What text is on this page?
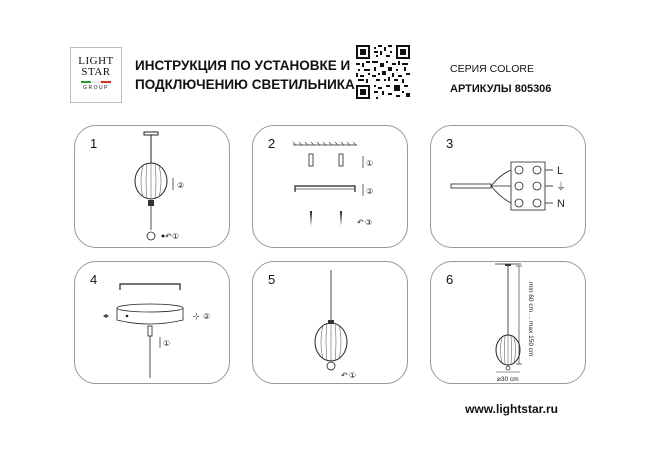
LIGHT
STAR
GROUP
ИНСТРУКЦИЯ ПО УСТАНОВКЕ И
ПОДКЛЮЧЕНИЮ СВЕТИЛЬНИКА
СЕРИЯ COLORE
АРТИКУЛЫ 805306
1
②
↶ ①
2
①
②
↶ ③
3
L
⏚
N
4
⊹ ②
①
5
↶ ①
6
min 60 cm ... max 150 cm
⌀30 cm
www.lightstar.ru
